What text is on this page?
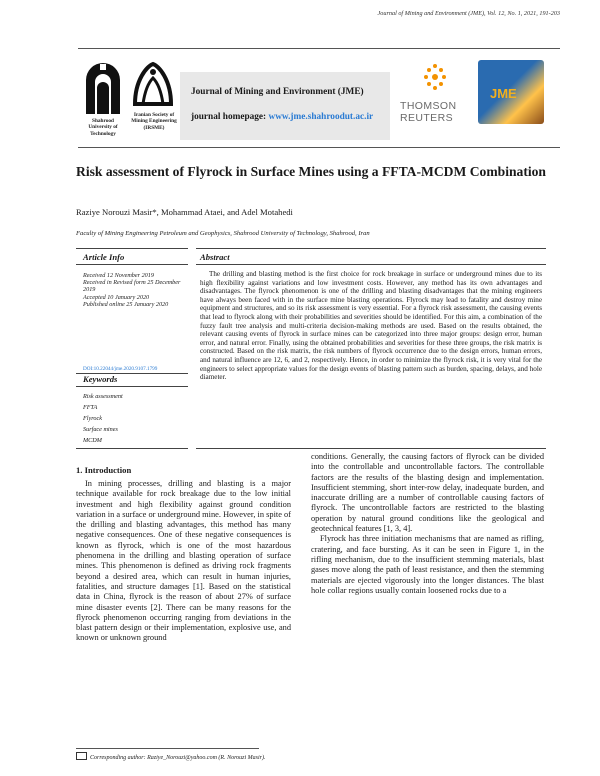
Journal of Mining and Environment (JME), Vol. 12, No. 1, 2021, 191-203
Shahrood University of Technology
Iranian Society of Mining Engineering (IRSME)
Journal of Mining and Environment (JME)
journal homepage: www.jme.shahroodut.ac.ir
THOMSON
REUTERS
JME
Risk assessment of Flyrock in Surface Mines using a FFTA-MCDM Combination
Raziye Norouzi Masir*, Mohammad Ataei, and Adel Motahedi
Faculty of Mining Engineering Petroleum and Geophysics, Shahrood University of Technology, Shahrood, Iran
Article Info
Received 12 November 2019
Received in Revised form 25 December 2019
Accepted 10 January 2020
Published online 25 January 2020
DOI:10.22044/jme.2020.9107.1799
Keywords
Risk assessment
FFTA
Flyrock
Surface mines
MCDM
Abstract
The drilling and blasting method is the first choice for rock breakage in surface or underground mines due to its high flexibility against variations and low investment costs. However, any method has its own advantages and disadvantages. The flyrock phenomenon is one of the drilling and blasting disadvantages that the mining engineers have always been faced with in the surface mine blasting operations. Flyrock may lead to fatality and destroy mine equipment and structures, and so its risk assessment is very essential. For a flyrock risk assessment, the causing events that lead to flyrock along with their probabilities and severities should be identified. For this aim, a combination of the fuzzy fault tree analysis and multi-criteria decision-making methods are used. Based on the results obtained, the relevant causing events of flyrock in surface mines can be categorized into three major groups: design error, human error, and natural error. Finally, using the obtained probabilities and severities for these three groups, the risk matrix is constructed. Based on the risk matrix, the risk numbers of flyrock occurrence due to the design errors, human errors, and natural influence are 12, 6, and 2, respectively. Hence, in order to minimize the flyrock risk, it is very vital for the engineers to select appropriate values for the design events of blasting pattern such as burden, spacing, delays, and hole diameter.
1. Introduction

In mining processes, drilling and blasting is a major technique available for rock breakage due to the low initial investment and high flexibility against ground condition variation in a surface or underground mine. However, in spite of the drilling and blasting advantages, this method has many negative consequences. One of these negative consequences is known as flyrock, which is one of the most hazardous phenomena in the drilling and blasting operation of surface mines. This phenomenon is defined as driving rock fragments beyond a desired area, which can result in human injuries, fatalities, and structure damages [1]. Based on the statistical data in China, flyrock is the reason of about 27% of surface mine disaster events [2]. There can be many reasons for the flyrock phenomenon occurring ranging from deviations in the blast pattern design or their implementation, explosive use, and known or unknown ground

conditions. Generally, the causing factors of flyrock can be divided into the controllable and uncontrollable factors. The controllable factors are the results of the blasting design and implementation. Insufficient stemming, short inter-row delay, inadequate burden, and inaccurate drilling are a number of controllable causing factors of flyrock. The uncontrollable factors are restricted to the blasting operation by natural ground conditions like the geological and geotechnical features [1, 3, 4].

Flyrock has three initiation mechanisms that are named as rifling, cratering, and face bursting. As it can be seen in Figure 1, in the rifling mechanism, due to the insufficient stemming materials, blast gases move along the path of least resistance, and then the stemming materials are ejected vigorously into the longer distances. The blast hole collar regions usually contain loosened rocks due to a

Corresponding author: Raziye_Norouzi@yahoo.com (R. Norouzi Masir).
